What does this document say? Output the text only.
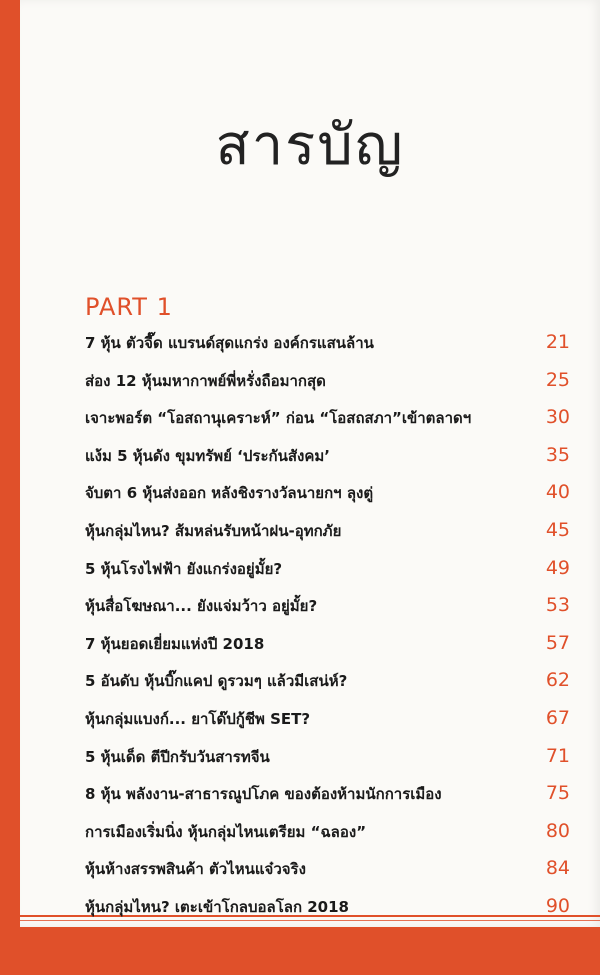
สารบัญ
PART 1
7 หุ้น ตัวจี๊ด แบรนด์สุดแกร่ง องค์กรแสนล้าน	21
ส่อง 12 หุ้นมหากาพย์พี่หรั่งถือมากสุด	25
เจาะพอร์ต “โอสถานุเคราะห์” ก่อน “โอสถสภา”เข้าตลาดฯ	30
แง้ม 5 หุ้นดัง ขุมทรัพย์ ‘ประกันสังคม’	35
จับตา 6 หุ้นส่งออก หลังชิงรางวัลนายกฯ ลุงตู่	40
หุ้นกลุ่มไหน? ส้มหล่นรับหน้าฝน-อุทกภัย	45
5 หุ้นโรงไฟฟ้า ยังแกร่งอยู่มั้ย?	49
หุ้นสื่อโฆษณา... ยังแจ่มว้าว อยู่มั้ย?	53
7 หุ้นยอดเยี่ยมแห่งปี 2018	57
5 อันดับ หุ้นบิ๊กแคป ดูรวมๆ แล้วมีเสน่ห์?	62
หุ้นกลุ่มแบงก์... ยาโด๊ปกู้ชีพ SET?	67
5 หุ้นเด็ด ตีปีกรับวันสารทจีน	71
8 หุ้น พลังงาน-สาธารณูปโภค ของต้องห้ามนักการเมือง	75
การเมืองเริ่มนิ่ง หุ้นกลุ่มไหนเตรียม “ฉลอง”	80
หุ้นห้างสรรพสินค้า ตัวไหนแจ๋วจริง	84
หุ้นกลุ่มไหน? เตะเข้าโกลบอลโลก 2018	90
